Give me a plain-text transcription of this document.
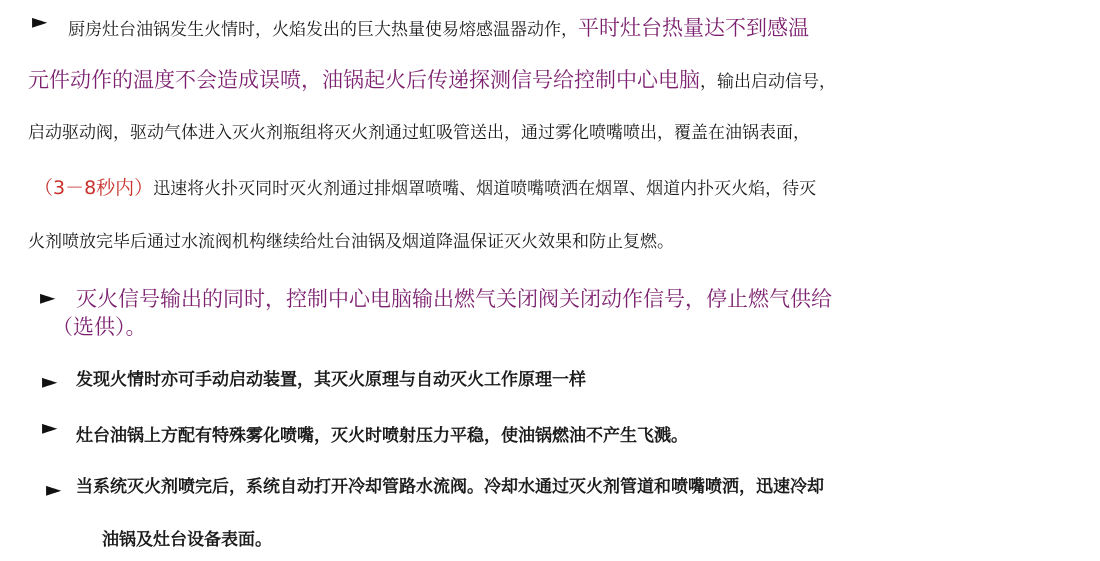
► 厨房灶台油锅发生火情时，火焰发出的巨大热量使易熔感温器动作，平时灶台热量达不到感温
元件动作的温度不会造成误喷，油锅起火后传递探测信号给控制中心电脑，输出启动信号，
启动驱动阀，驱动气体进入灭火剂瓶组将灭火剂通过虹吸管送出，通过雾化喷嘴喷出，覆盖在油锅表面，
（3－8秒内）迅速将火扑灭同时灭火剂通过排烟罩喷嘴、烟道喷嘴喷洒在烟罩、烟道内扑灭火焰，待灭
火剂喷放完毕后通过水流阀机构继续给灶台油锅及烟道降温保证灭火效果和防止复燃。
► 灭火信号输出的同时，控制中心电脑输出燃气关闭阀关闭动作信号，停止燃气供给
（选供）。
► 发现火情时亦可手动启动装置，其灭火原理与自动灭火工作原理一样
► 灶台油锅上方配有特殊雾化喷嘴，灭火时喷射压力平稳，使油锅燃油不产生飞溅。
► 当系统灭火剂喷完后，系统自动打开冷却管路水流阀。冷却水通过灭火剂管道和喷嘴喷洒，迅速冷却
油锅及灶台设备表面。
